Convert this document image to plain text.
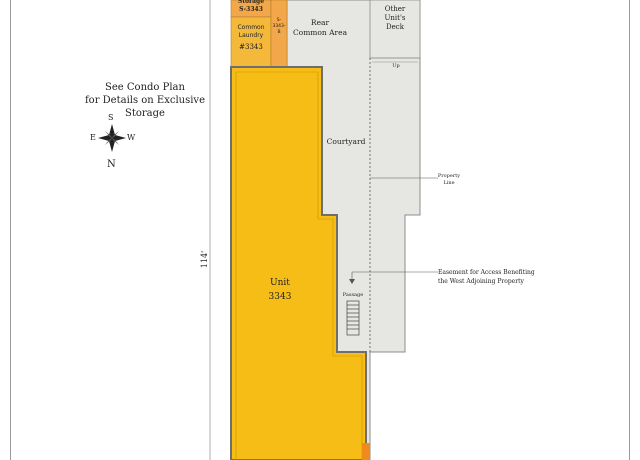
See Condo Plan
for Details on Exclusive Storage
S
E	W
N
114'
Storage
S-3343
Common
Laundry
#3343
S-
3343-
B
Rear
Common Area
Other
Unit's
Deck
Up
Courtyard
Property
Line
Easement for Access Benefiting
the West Adjoining Property
Passage
Unit
3343
